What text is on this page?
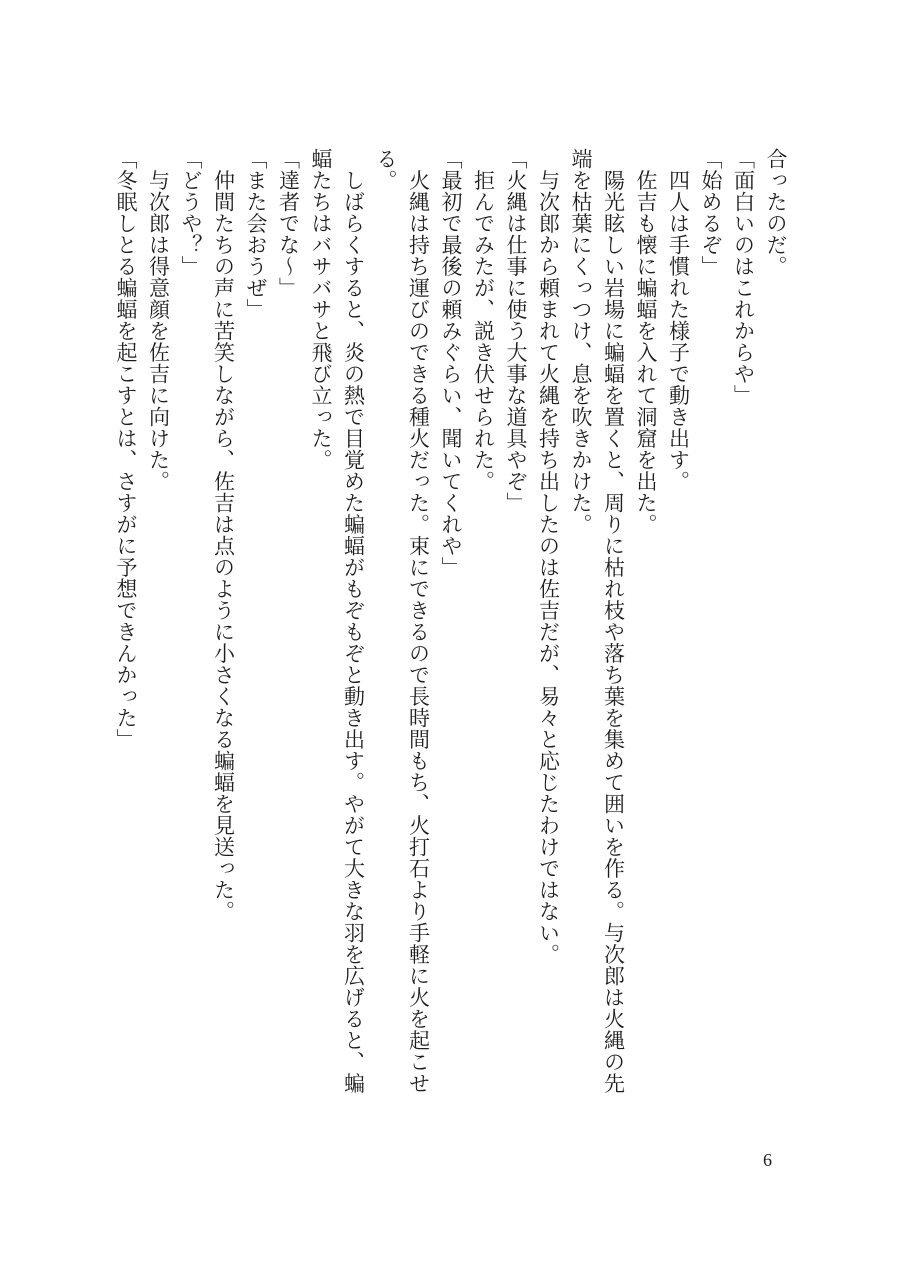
合ったのだ。
「面白いのはこれからや」
「始めるぞ」
　四人は手慣れた様子で動き出す。
　佐吉も懐に蝙蝠を入れて洞窟を出た。
　陽光眩しい岩場に蝙蝠を置くと、周りに枯れ枝や落ち葉を集めて囲いを作る。与次郎は火縄の先
端を枯葉にくっつけ、息を吹きかけた。
　与次郎から頼まれて火縄を持ち出したのは佐吉だが、易々と応じたわけではない。
「火縄は仕事に使う大事な道具やぞ」
　拒んでみたが、説き伏せられた。
「最初で最後の頼みぐらい、聞いてくれや」
　火縄は持ち運びのできる種火だった。束にできるので長時間もち、火打石より手軽に火を起こせ
る。
　しばらくすると、炎の熱で目覚めた蝙蝠がもぞもぞと動き出す。やがて大きな羽を広げると、蝙
蝠たちはバサバサと飛び立った。
「達者でな～」
「また会おうぜ」
　仲間たちの声に苦笑しながら、佐吉は点のように小さくなる蝙蝠を見送った。
「どうや？」
　与次郎は得意顔を佐吉に向けた。
「冬眠しとる蝙蝠を起こすとは、さすがに予想できんかった」
6
